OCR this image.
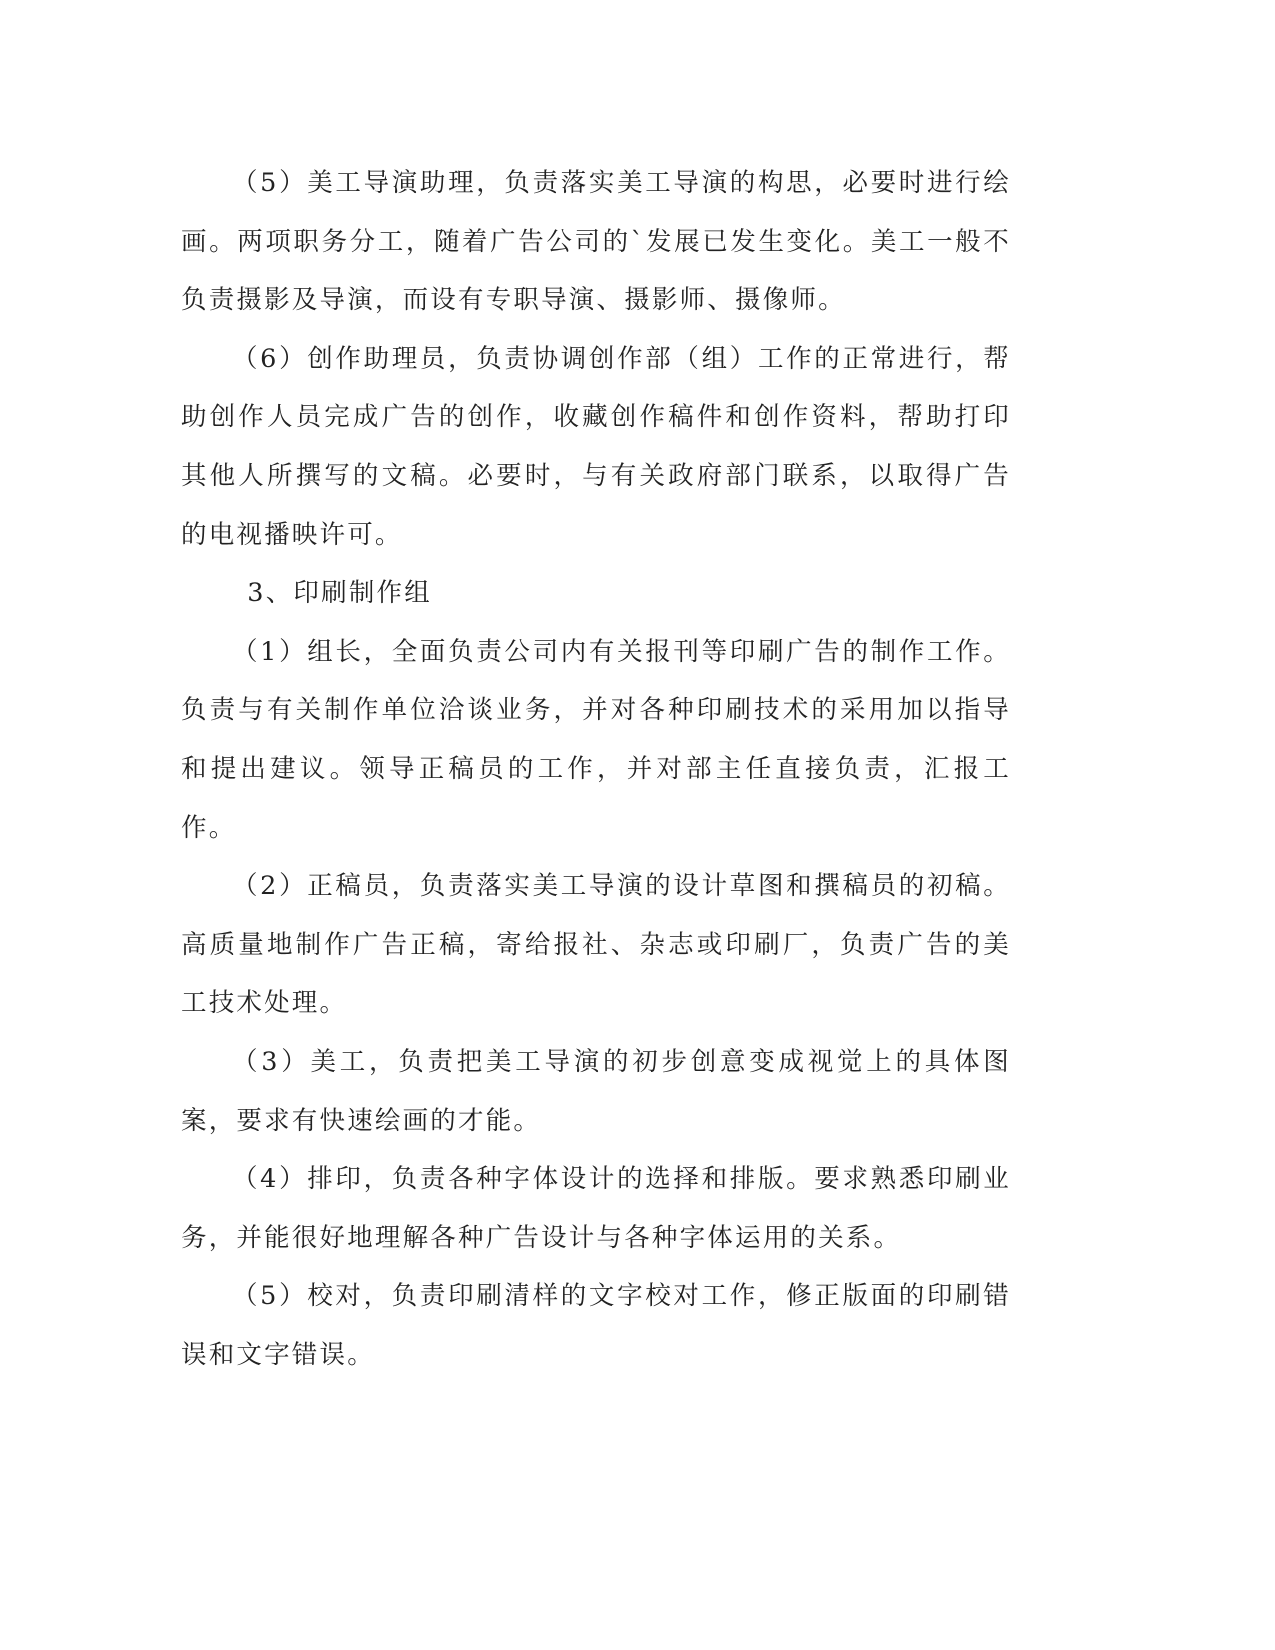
（5）美工导演助理，负责落实美工导演的构思，必要时进行绘画。两项职务分工，随着广告公司的`发展已发生变化。美工一般不负责摄影及导演，而设有专职导演、摄影师、摄像师。

（6）创作助理员，负责协调创作部（组）工作的正常进行，帮助创作人员完成广告的创作，收藏创作稿件和创作资料，帮助打印其他人所撰写的文稿。必要时，与有关政府部门联系，以取得广告的电视播映许可。

3、印刷制作组

（1）组长，全面负责公司内有关报刊等印刷广告的制作工作。负责与有关制作单位洽谈业务，并对各种印刷技术的采用加以指导和提出建议。领导正稿员的工作，并对部主任直接负责，汇报工作。

（2）正稿员，负责落实美工导演的设计草图和撰稿员的初稿。高质量地制作广告正稿，寄给报社、杂志或印刷厂，负责广告的美工技术处理。

（3）美工，负责把美工导演的初步创意变成视觉上的具体图案，要求有快速绘画的才能。

（4）排印，负责各种字体设计的选择和排版。要求熟悉印刷业务，并能很好地理解各种广告设计与各种字体运用的关系。

（5）校对，负责印刷清样的文字校对工作，修正版面的印刷错误和文字错误。
